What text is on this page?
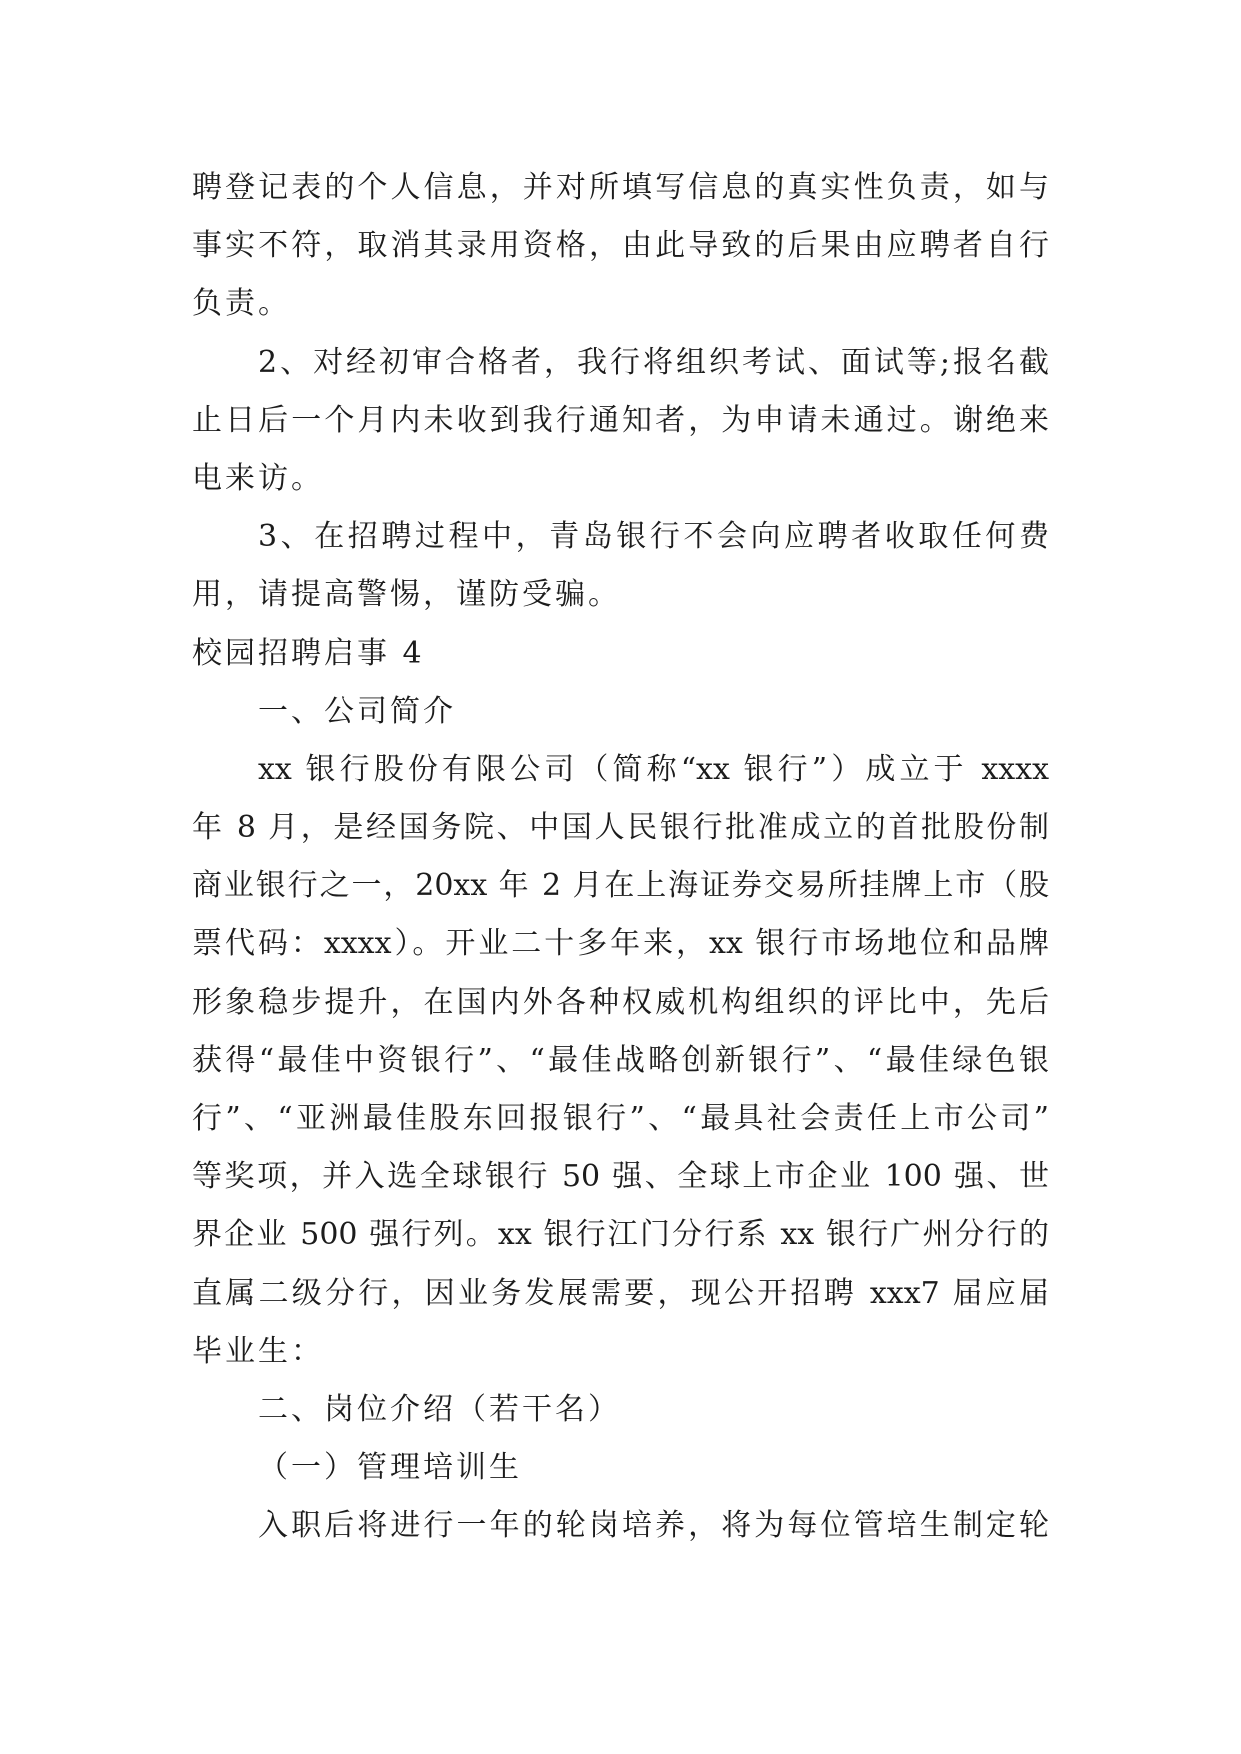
聘登记表的个人信息，并对所填写信息的真实性负责，如与
事实不符，取消其录用资格，由此导致的后果由应聘者自行
负责。
2、对经初审合格者，我行将组织考试、面试等;报名截
止日后一个月内未收到我行通知者，为申请未通过。谢绝来
电来访。
3、在招聘过程中，青岛银行不会向应聘者收取任何费
用，请提高警惕，谨防受骗。
校园招聘启事 4
一、公司简介
xx 银行股份有限公司（简称“xx 银行”）成立于 xxxx
年 8 月，是经国务院、中国人民银行批准成立的首批股份制
商业银行之一，20xx 年 2 月在上海证券交易所挂牌上市（股
票代码：xxxx）。开业二十多年来，xx 银行市场地位和品牌
形象稳步提升，在国内外各种权威机构组织的评比中，先后
获得“最佳中资银行”、“最佳战略创新银行”、“最佳绿色银
行”、“亚洲最佳股东回报银行”、“最具社会责任上市公司”
等奖项，并入选全球银行 50 强、全球上市企业 100 强、世
界企业 500 强行列。xx 银行江门分行系 xx 银行广州分行的
直属二级分行，因业务发展需要，现公开招聘 xxx7 届应届
毕业生：
二、岗位介绍（若干名）
（一）管理培训生
入职后将进行一年的轮岗培养，将为每位管培生制定轮
